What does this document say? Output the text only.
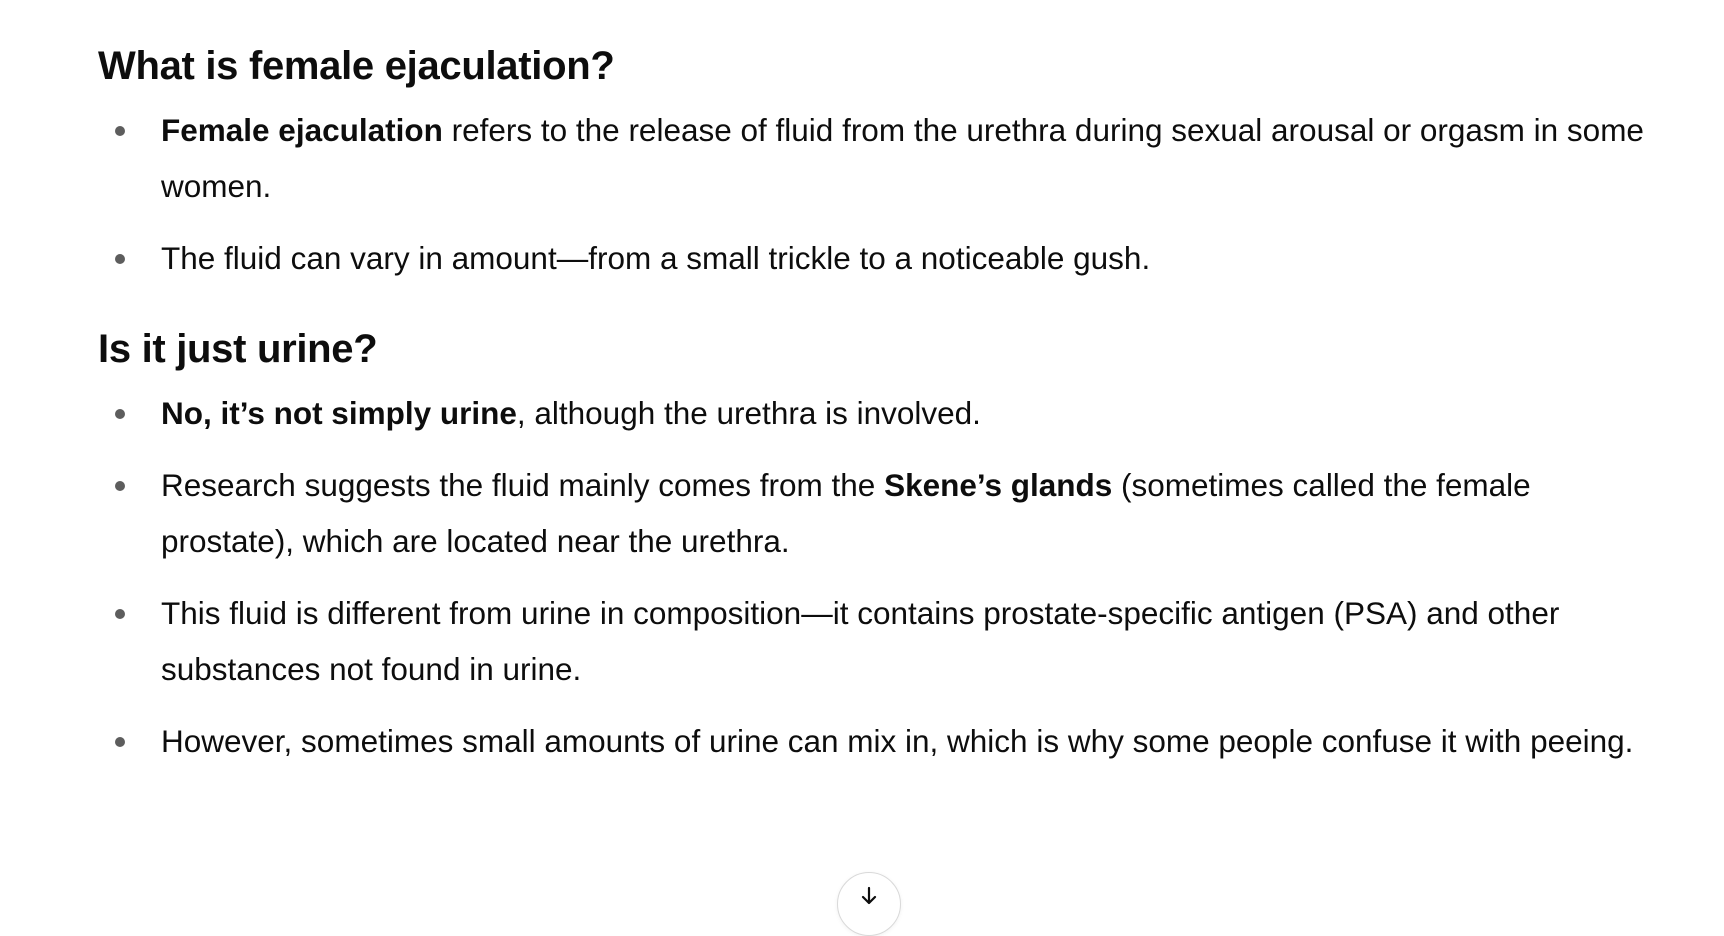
What is female ejaculation?
Female ejaculation refers to the release of fluid from the urethra during sexual arousal or orgasm in some women.
The fluid can vary in amount—from a small trickle to a noticeable gush.
Is it just urine?
No, it’s not simply urine, although the urethra is involved.
Research suggests the fluid mainly comes from the Skene’s glands (sometimes called the female prostate), which are located near the urethra.
This fluid is different from urine in composition—it contains prostate-specific antigen (PSA) and other substances not found in urine.
However, sometimes small amounts of urine can mix in, which is why some people confuse it with peeing.
